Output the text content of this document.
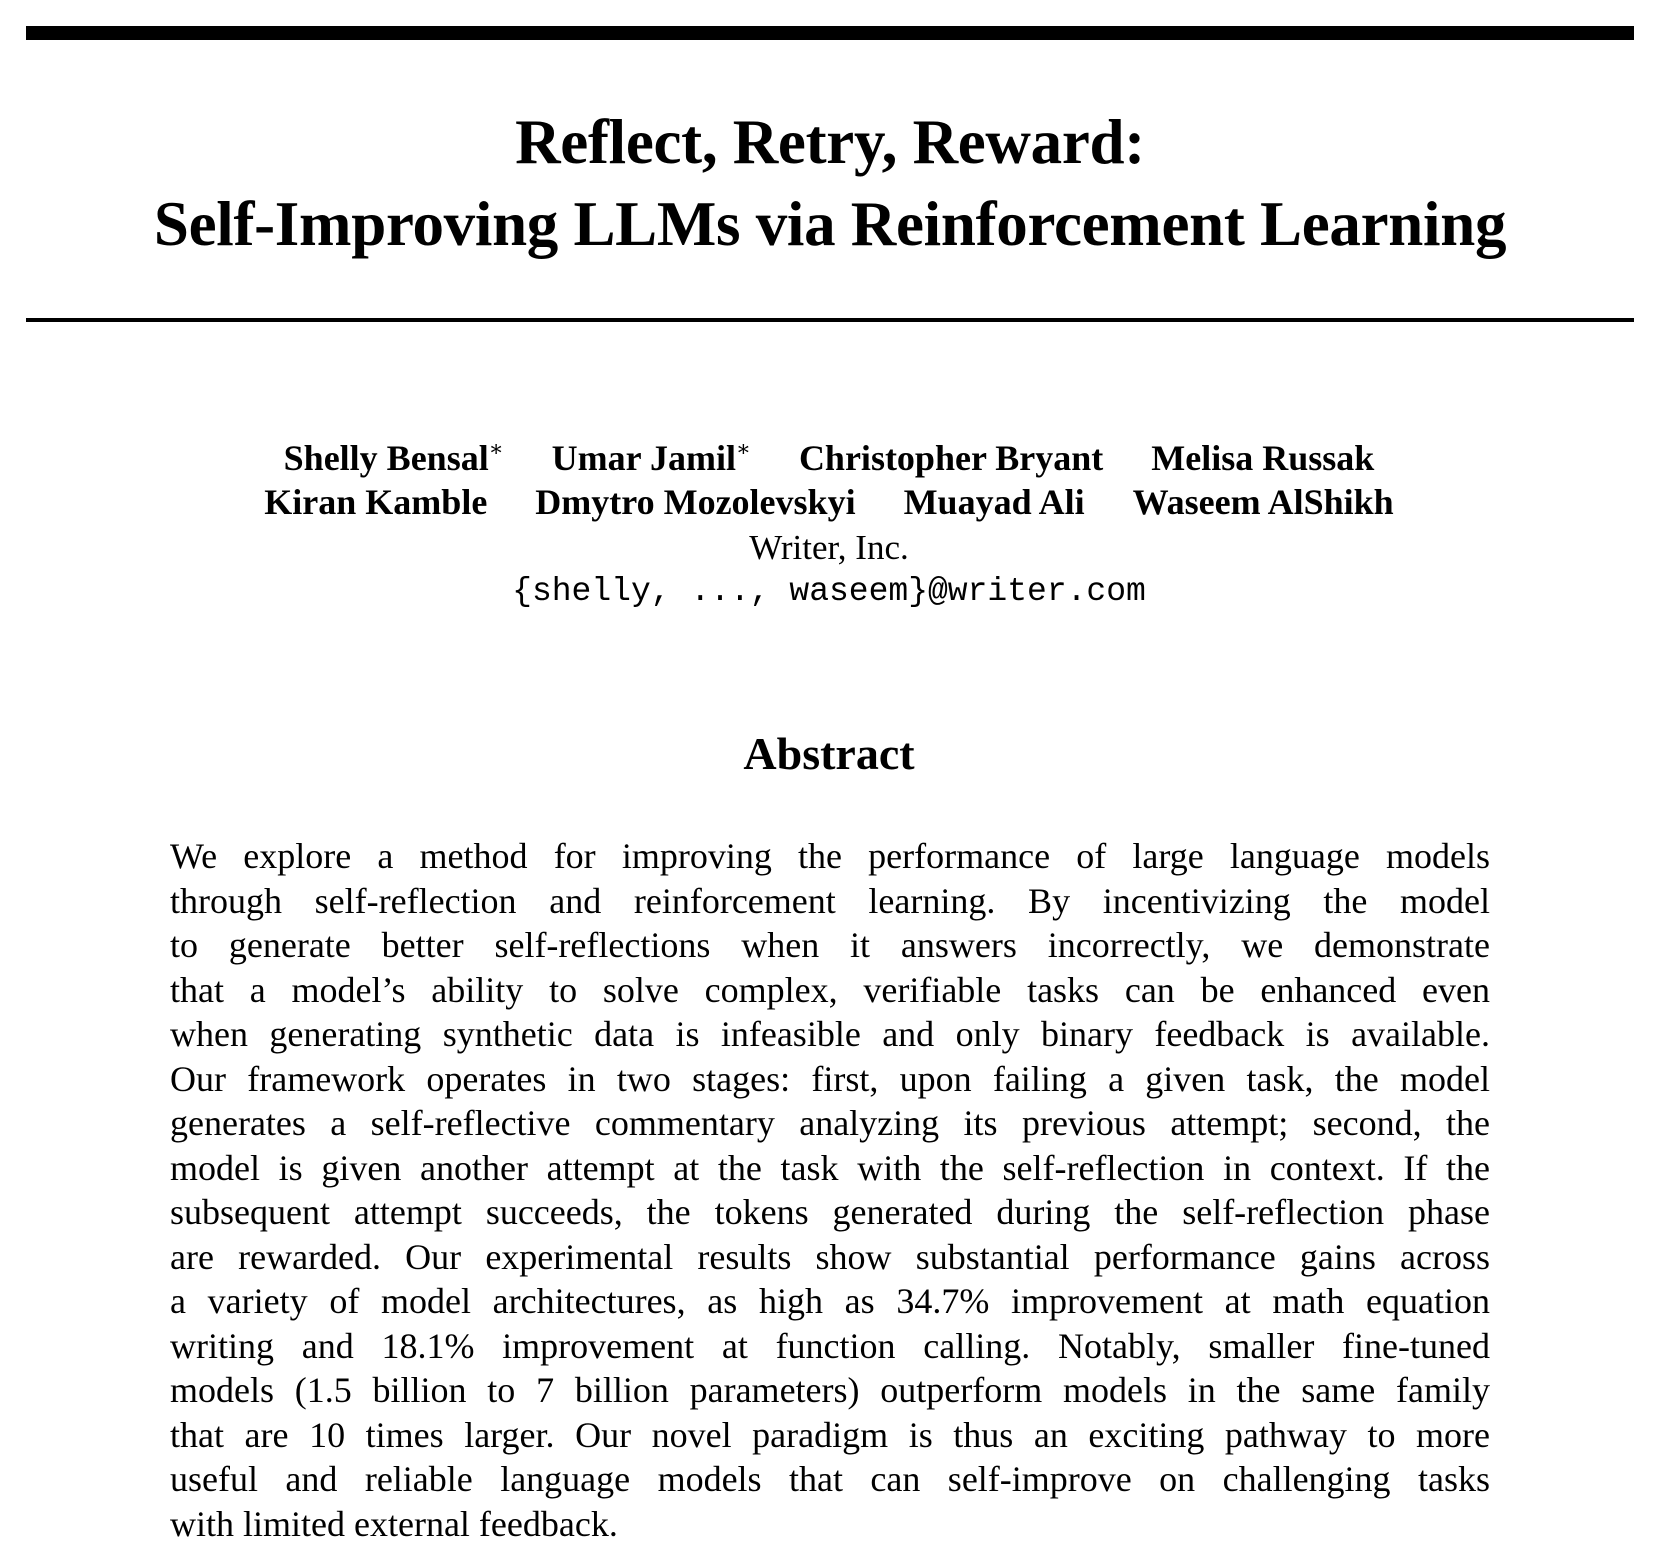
Reflect, Retry, Reward:
Self-Improving LLMs via Reinforcement Learning
Shelly Bensal∗ Umar Jamil∗ Christopher Bryant Melisa Russak
Kiran Kamble Dmytro Mozolevskyi Muayad Ali Waseem AlShikh
Writer, Inc.
{shelly, ..., waseem}@writer.com
Abstract
We explore a method for improving the performance of large language models
through self-reflection and reinforcement learning. By incentivizing the model
to generate better self-reflections when it answers incorrectly, we demonstrate
that a model’s ability to solve complex, verifiable tasks can be enhanced even
when generating synthetic data is infeasible and only binary feedback is available.
Our framework operates in two stages: first, upon failing a given task, the model
generates a self-reflective commentary analyzing its previous attempt; second, the
model is given another attempt at the task with the self-reflection in context. If the
subsequent attempt succeeds, the tokens generated during the self-reflection phase
are rewarded. Our experimental results show substantial performance gains across
a variety of model architectures, as high as 34.7% improvement at math equation
writing and 18.1% improvement at function calling. Notably, smaller fine-tuned
models (1.5 billion to 7 billion parameters) outperform models in the same family
that are 10 times larger. Our novel paradigm is thus an exciting pathway to more
useful and reliable language models that can self-improve on challenging tasks
with limited external feedback.
